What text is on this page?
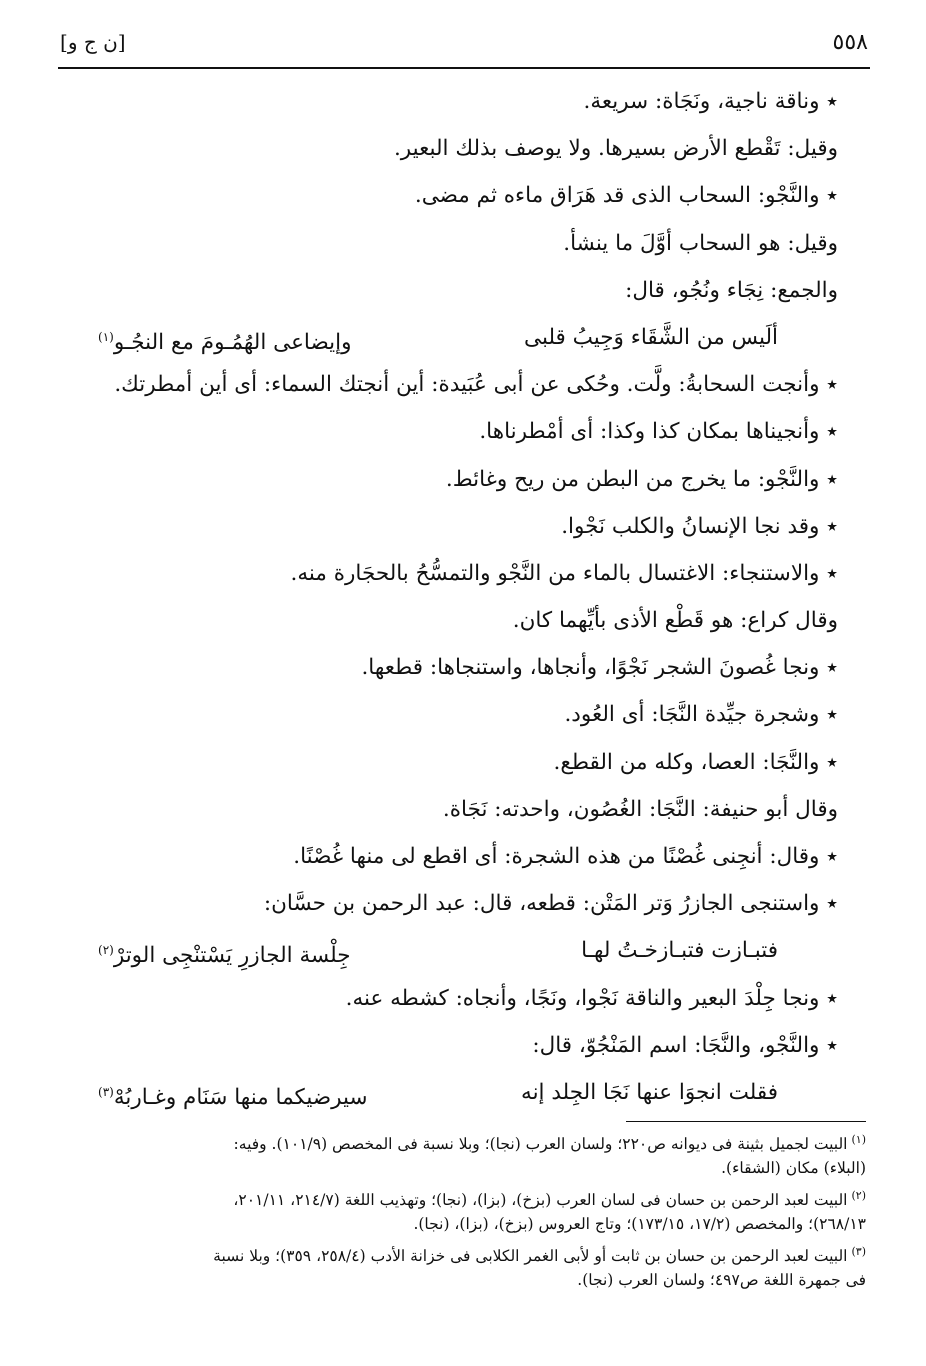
٥٥٨
[ن ج و]
٭ وناقة ناجية، ونَجَاة: سريعة.
وقيل: تَقْطع الأرض بسيرها. ولا يوصف بذلك البعير.
٭ والنَّجْو: السحاب الذى قد هَرَاق ماءه ثم مضى.
وقيل: هو السحاب أوَّلَ ما ينشأ.
والجمع: نِجَاء ونُجُو، قال:
ألَيس من الشَّقَاء وَجِيبُ قلبى
وإيضاعى الهُمُـومَ مع النجُـو$^{(١)}$
٭ وأنجت السحابةُ: ولَّت. وحُكى عن أبى عُبَيدة: أين أنجتك السماء: أى أين أمطرتك.
٭ وأنجيناها بمكان كذا وكذا: أى أمْطرناها.
٭ والنَّجْو: ما يخرج من البطن من ريح وغائط.
٭ وقد نجا الإنسانُ والكلب نَجْوا.
٭ والاستنجاء: الاغتسال بالماء من النَّجْو والتمسُّحُ بالحجَارة منه.
وقال كراع: هو قَطْع الأذى بأيِّهما كان.
٭ ونجا غُصونَ الشجر نَجْوًا، وأنجاها، واستنجاها: قطعها.
٭ وشجرة جيِّدة النَّجَا: أى العُود.
٭ والنَّجَا: العصا، وكله من القطع.
وقال أبو حنيفة: النَّجَا: الغُصُون، واحدته: نَجَاة.
٭ وقال: أنجِنى غُصْنًا من هذه الشجرة: أى اقطع لى منها غُصْنًا.
٭ واستنجى الجازرُ وَتر المَتْن: قطعه، قال: عبد الرحمن بن حسَّان:
فتبـازت فتبـازخـتُ لهـا
جِلْسة الجازرِ يَسْتنْجِى الوترْ$^{(٢)}$
٭ ونجا جِلْدَ البعير والناقة نَجْوا، ونَجًا، وأنجاه: كشطه عنه.
٭ والنَّجْو، والنَّجَا: اسم المَنْجُوّ، قال:
فقلت انجوَا عنها نَجَا الجِلد إنه
سيرضيكما منها سَنَام وغـاربُهْ$^{(٣)}$
$^{(١)}$البيت لجميل بثينة فى ديوانه ص٢٢٠؛ ولسان العرب (نجا)؛ وبلا نسبة فى المخصص (١٠١/٩). وفيه:
(البلاء) مكان (الشقاء).
$^{(٢)}$البيت لعبد الرحمن بن حسان فى لسان العرب (بزخ)، (بزا)، (نجا)؛ وتهذيب اللغة (٢١٤/٧، ٢٠١/١١،
٢٦٨/١٣)؛ والمخصص (١٧/٢، ١٧٣/١٥)؛ وتاج العروس (بزخ)، (بزا)، (نجا).
$^{(٣)}$البيت لعبد الرحمن بن حسان بن ثابت أو لأبى الغمر الكلابى فى خزانة الأدب (٢٥٨/٤، ٣٥٩)؛ وبلا نسبة
فى جمهرة اللغة ص٤٩٧؛ ولسان العرب (نجا).
